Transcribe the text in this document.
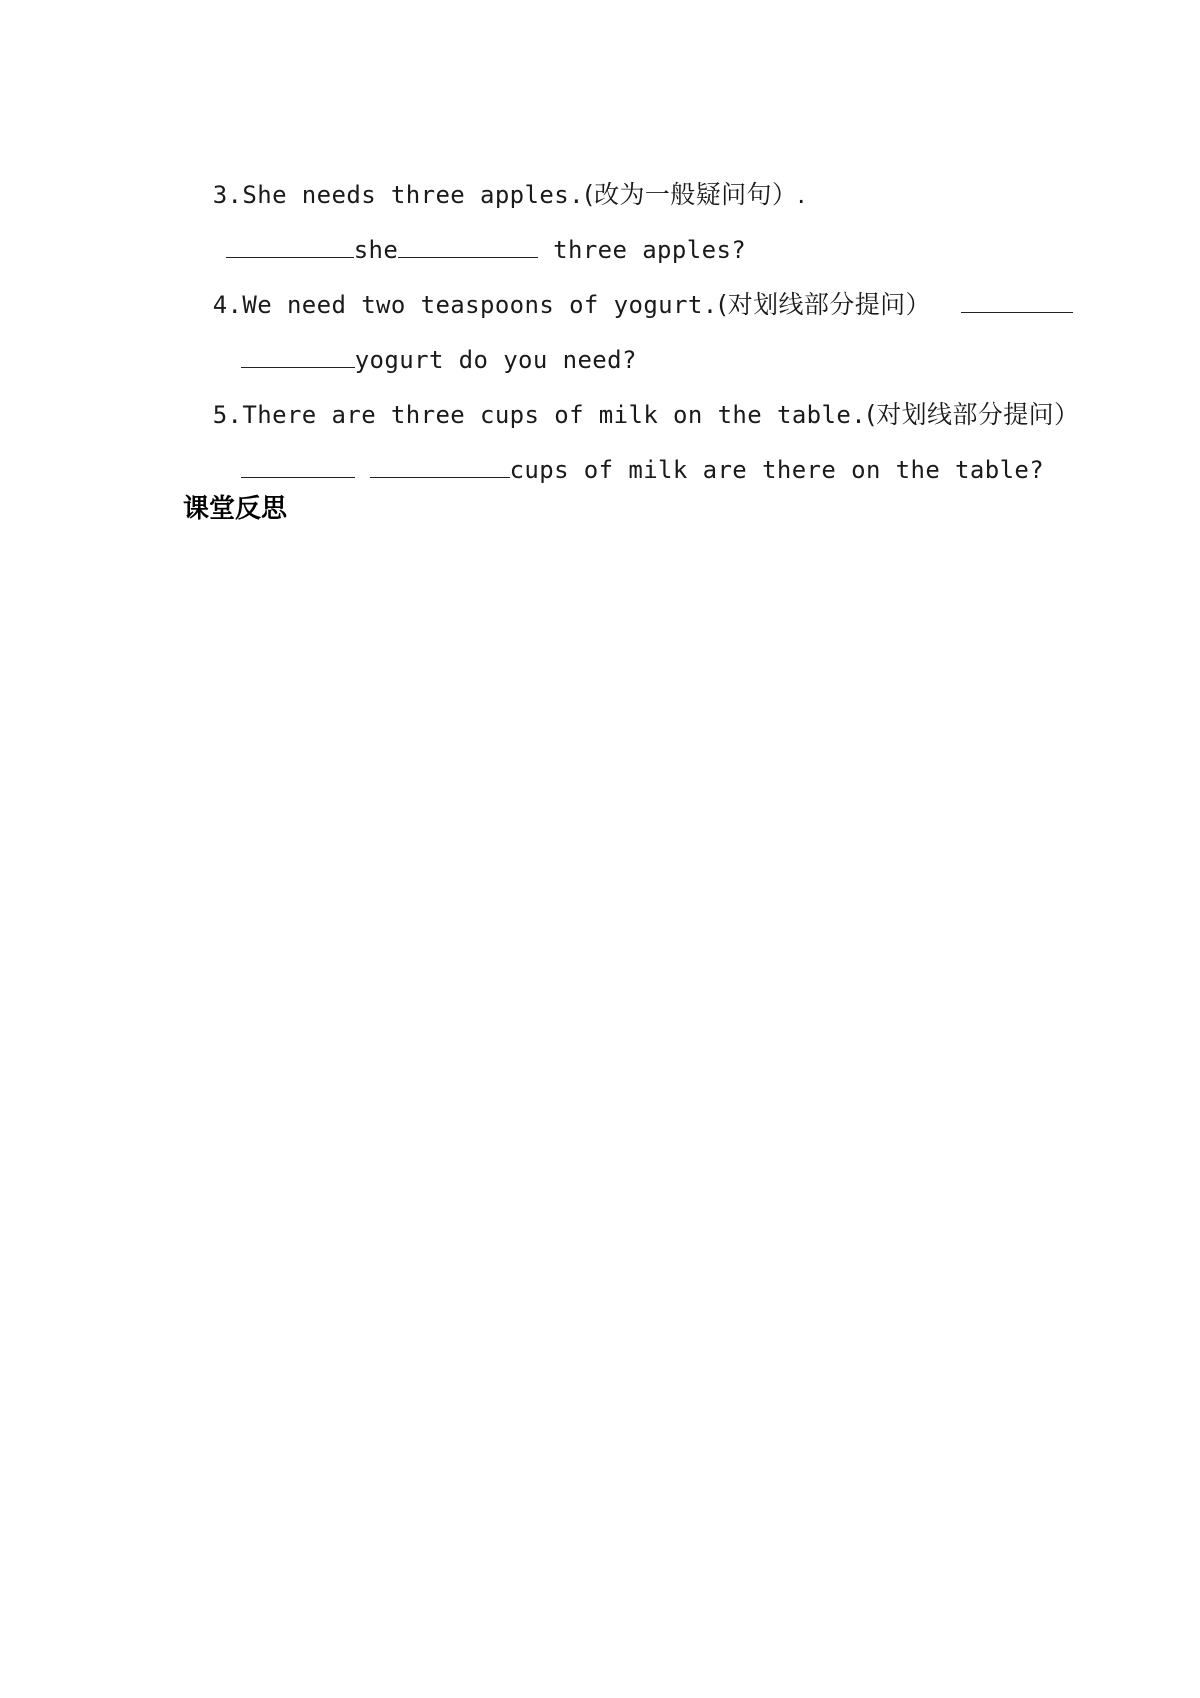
3.She needs three apples.(改为一般疑问句）.

she	three apples?

4.We need two teaspoons of yogurt.(对划线部分提问）

yogurt do you need?

5.There are three cups of milk on the table.(对划线部分提问）

cups of milk are there on the table?

课堂反思
